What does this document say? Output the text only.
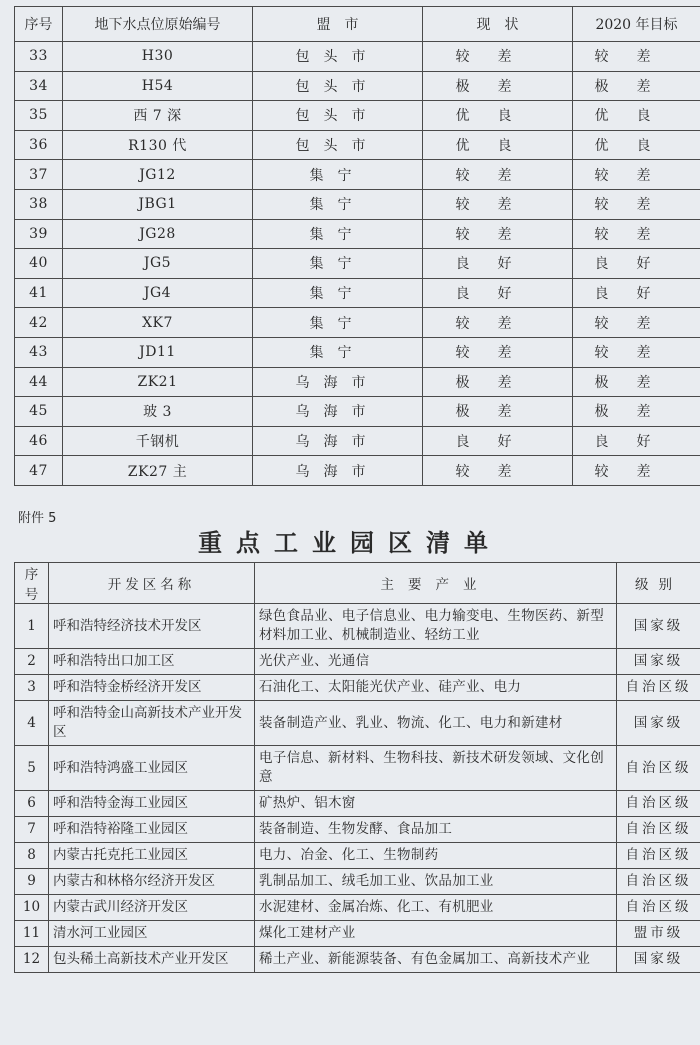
序号	地下水点位原始编号	盟　市	现　状	2020 年目标
33	H30	包头市	较差	较差
34	H54	包头市	极差	极差
35	西 7 深	包头市	优良	优良
36	R130 代	包头市	优良	优良
37	JG12	集宁	较差	较差
38	JBG1	集宁	较差	较差
39	JG28	集宁	较差	较差
40	JG5	集宁	良好	良好
41	JG4	集宁	良好	良好
42	XK7	集宁	较差	较差
43	JD11	集宁	较差	较差
44	ZK21	乌海市	极差	极差
45	玻 3	乌海市	极差	极差
46	千钢机	乌海市	良好	良好
47	ZK27 主	乌海市	较差	较差
附件 5
重点工业园区清单
序号	开发区名称	主要产业	级别
1	呼和浩特经济技术开发区	绿色食品业、电子信息业、电力输变电、生物医药、新型材料加工业、机械制造业、轻纺工业	国家级
2	呼和浩特出口加工区	光伏产业、光通信	国家级
3	呼和浩特金桥经济开发区	石油化工、太阳能光伏产业、硅产业、电力	自治区级
4	呼和浩特金山高新技术产业开发区	装备制造产业、乳业、物流、化工、电力和新建材	国家级
5	呼和浩特鸿盛工业园区	电子信息、新材料、生物科技、新技术研发领域、文化创意	自治区级
6	呼和浩特金海工业园区	矿热炉、铝木窗	自治区级
7	呼和浩特裕隆工业园区	装备制造、生物发酵、食品加工	自治区级
8	内蒙古托克托工业园区	电力、冶金、化工、生物制药	自治区级
9	内蒙古和林格尔经济开发区	乳制品加工、绒毛加工业、饮品加工业	自治区级
10	内蒙古武川经济开发区	水泥建材、金属冶炼、化工、有机肥业	自治区级
11	清水河工业园区	煤化工建材产业	盟市级
12	包头稀土高新技术产业开发区	稀土产业、新能源装备、有色金属加工、高新技术产业	国家级
